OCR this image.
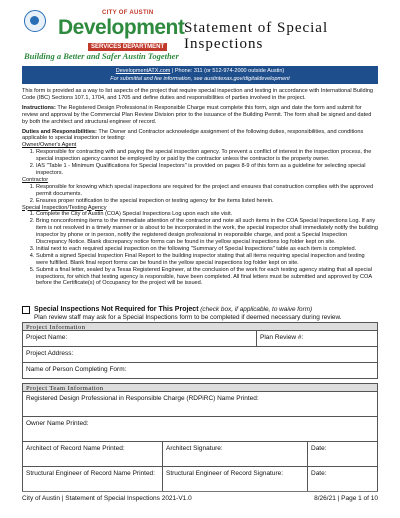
CITY OF AUSTIN
Development
SERVICES DEPARTMENT
Building a Better and Safer Austin Together
Statement of Special
Inspections
DevelopmentATX.com | Phone: 311 (or 512-974-2000 outside Austin)
For submittal and fee information, see austintexas.gov/digitaldevelopment

This form is provided as a way to list aspects of the project that require special inspection and testing in accordance with International Building Code (IBC) Sections 107.1, 1704, and 1705 and define duties and responsibilities of parties involved in the project.

Instructions: The Registered Design Professional in Responsible Charge must complete this form, sign and date the form and submit for review and approval by the Commercial Plan Review Division prior to the issuance of the Building Permit. The form shall be signed and dated by both the architect and structural engineer of record.

Duties and Responsibilities: The Owner and Contractor acknowledge assignment of the following duties, responsibilities, and conditions applicable to special inspection or testing:

Owner/Owner's Agent
1. Responsible for contracting with and paying the special inspection agency. To prevent a conflict of interest in the inspection process, the special inspection agency cannot be employed by or paid by the contractor unless the contractor is the property owner.
2. IAS "Table 1 - Minimum Qualifications for Special Inspectors" is provided on pages 8-9 of this form as a guideline for selecting special inspectors.
Contractor
1. Responsible for knowing which special inspections are required for the project and ensures that construction complies with the approved permit documents.
2. Ensures proper notification to the special inspection or testing agency for the items listed herein.
Special Inspection/Testing Agency
1. Complete the City of Austin (COA) Special Inspections Log upon each site visit.
2. Bring nonconforming items to the immediate attention of the contractor and note all such items in the COA Special Inspections Log. If any item is not resolved in a timely manner or is about to be incorporated in the work, the special inspector shall immediately notify the building inspector by phone or in person, notify the registered design professional in responsible charge, and post a Special Inspection Discrepancy Notice. Blank discrepancy notice forms can be found in the yellow special inspections log folder kept on site.
3. Initial next to each required special inspection on the following "Summary of Special Inspections" table as each item is completed.
4. Submit a signed Special Inspection Final Report to the building inspector stating that all items requiring special inspection and testing were fulfilled. Blank final report forms can be found in the yellow special inspections log folder kept on site.
5. Submit a final letter, sealed by a Texas Registered Engineer, at the conclusion of the work for each testing agency stating that all special inspections, for which that testing agency is responsible, have been completed. All final letters must be submitted and approved by COA before the Certificate(s) of Occupancy for the project will be issued.
Special Inspections Not Required for This Project (check box, if applicable, to waive form)
Plan review staff may ask for a Special Inspections form to be completed if deemed necessary during review.
Project Information
Project Name:	Plan Review #:
Project Address:
Name of Person Completing Form:
Project Team Information
Registered Design Professional in Responsible Charge (RDPiRC) Name Printed:
Owner Name Printed:
Architect of Record Name Printed:	Architect Signature:	Date:
Structural Engineer of Record Name Printed:	Structural Engineer of Record Signature:	Date:
City of Austin | Statement of Special Inspections 2021-V1.0	8/26/21 | Page 1 of 10
